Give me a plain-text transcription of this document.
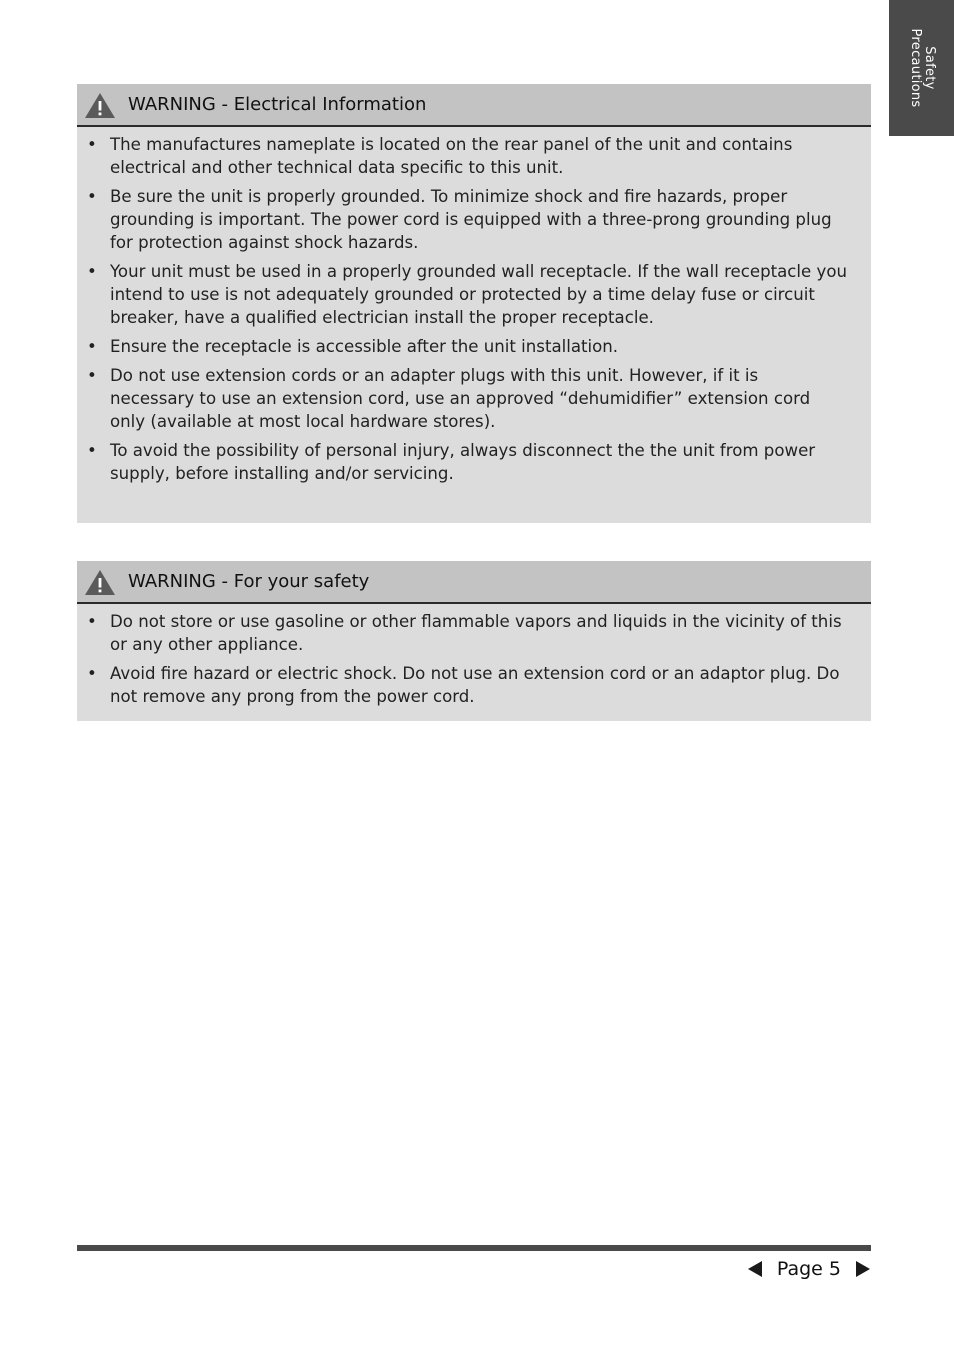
Safety
Precautions
WARNING - Electrical Information
• The manufactures nameplate is located on the rear panel of the unit and contains electrical and other technical data specific to this unit.
• Be sure the unit is properly grounded. To minimize shock and fire hazards, proper grounding is important. The power cord is equipped with a three-prong grounding plug for protection against shock hazards.
• Your unit must be used in a properly grounded wall receptacle. If the wall receptacle you intend to use is not adequately grounded or protected by a time delay fuse or circuit breaker, have a qualified electrician install the proper receptacle.
• Ensure the receptacle is accessible after the unit installation.
• Do not use extension cords or an adapter plugs with this unit. However, if it is necessary to use an extension cord, use an approved “dehumidifier” extension cord only (available at most local hardware stores).
• To avoid the possibility of personal injury, always disconnect the the unit from power supply, before installing and/or servicing.
WARNING - For your safety
• Do not store or use gasoline or other flammable vapors and liquids in the vicinity of this or any other appliance.
• Avoid fire hazard or electric shock. Do not use an extension cord or an adaptor plug. Do not remove any prong from the power cord.
Page 5
